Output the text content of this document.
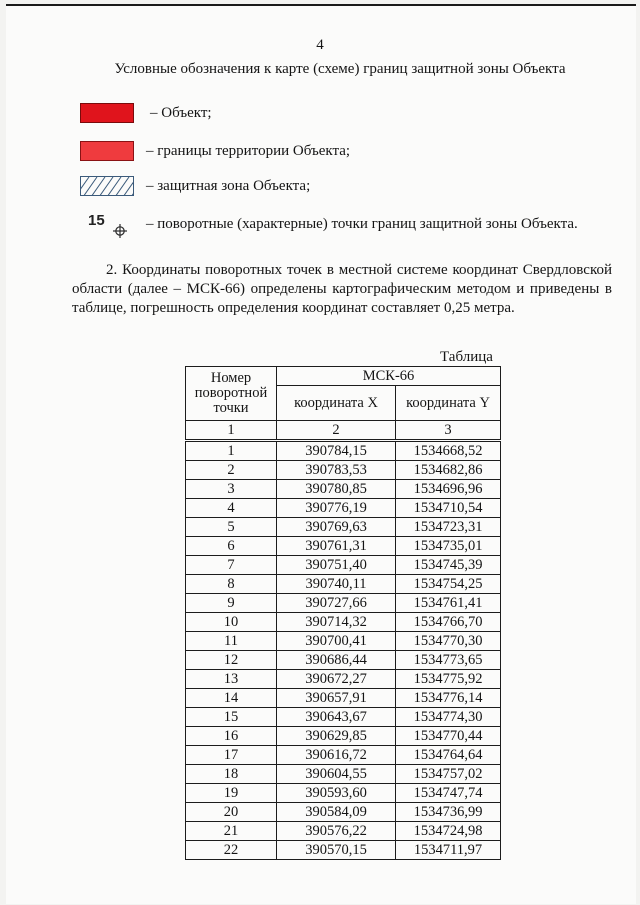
4
Условные обозначения к карте (схеме) границ защитной зоны Объекта
– Объект;
– границы территории Объекта;
– защитная зона Объекта;
15	– поворотные (характерные) точки границ защитной зоны Объекта.
2. Координаты поворотных точек в местной системе координат Свердловской области (далее – МСК-66) определены картографическим методом и приведены в таблице, погрешность определения координат составляет 0,25 метра.
Таблица
Номер поворотной точки	МСК-66	
	координата X	координата Y
1	2	3
1	390784,15	1534668,52
2	390783,53	1534682,86
3	390780,85	1534696,96
4	390776,19	1534710,54
5	390769,63	1534723,31
6	390761,31	1534735,01
7	390751,40	1534745,39
8	390740,11	1534754,25
9	390727,66	1534761,41
10	390714,32	1534766,70
11	390700,41	1534770,30
12	390686,44	1534773,65
13	390672,27	1534775,92
14	390657,91	1534776,14
15	390643,67	1534774,30
16	390629,85	1534770,44
17	390616,72	1534764,64
18	390604,55	1534757,02
19	390593,60	1534747,74
20	390584,09	1534736,99
21	390576,22	1534724,98
22	390570,15	1534711,97
